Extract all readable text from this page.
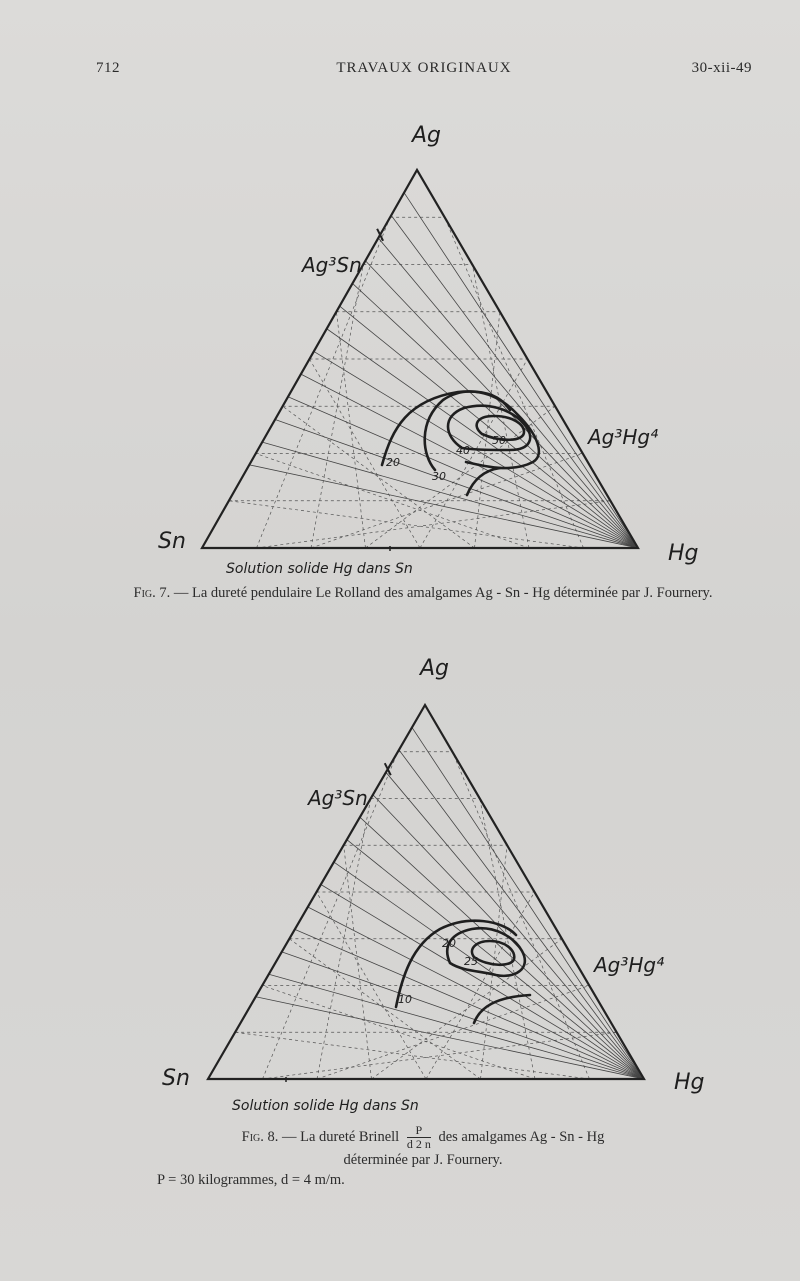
712	TRAVAUX ORIGINAUX	30-xii-49
Ag
Sn	Hg
Ag³Sn
Ag³Hg⁴
Solution solide Hg dans Sn
20
30
40
50
Fig. 7. — La dureté pendulaire Le Rolland des amalgames Ag - Sn - Hg déterminée par J. Fournery.
Ag
Sn	Hg
Ag³Sn
Ag³Hg⁴
Solution solide Hg dans Sn
10
20
25
Fig. 8. — La dureté Brinell $\frac{P}{d 2 n}$ des amalgames Ag - Sn - Hg
déterminée par J. Fournery.
P = 30 kilogrammes, d = 4 m/m.
